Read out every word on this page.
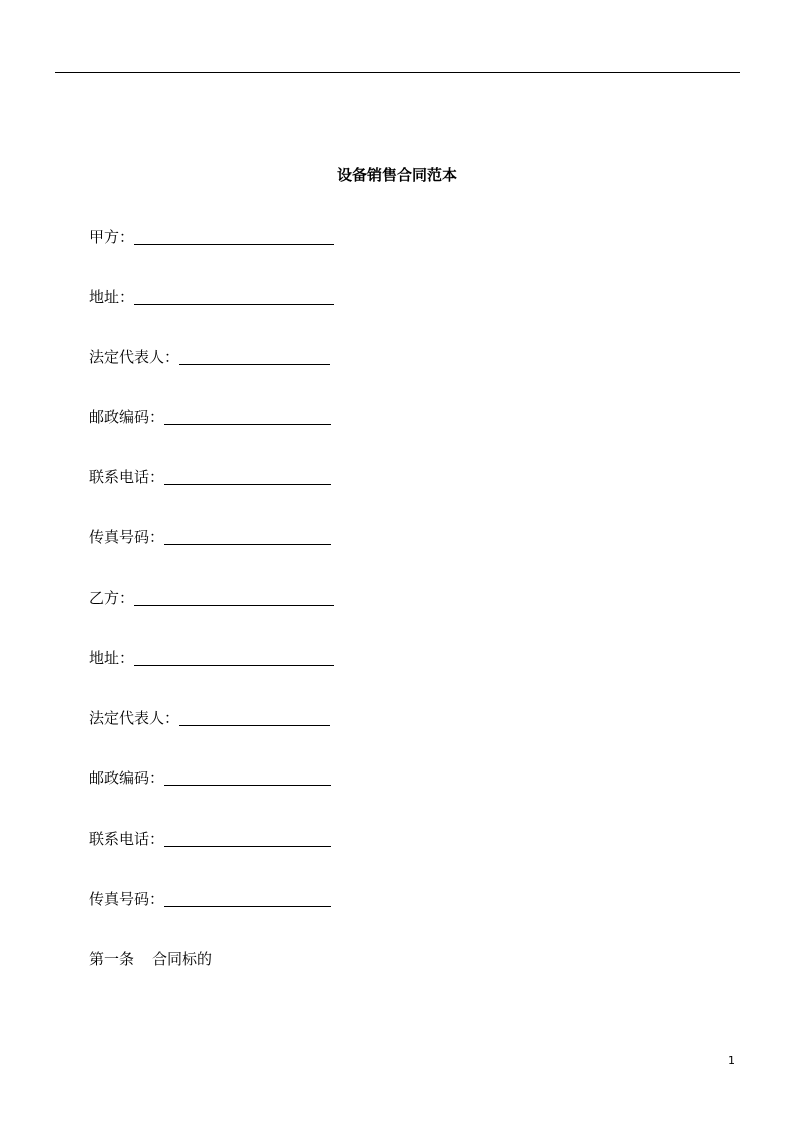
设备销售合同范本
甲方：
地址：
法定代表人：
邮政编码：
联系电话：
传真号码：
乙方：
地址：
法定代表人：
邮政编码：
联系电话：
传真号码：
第一条 合同标的
1
